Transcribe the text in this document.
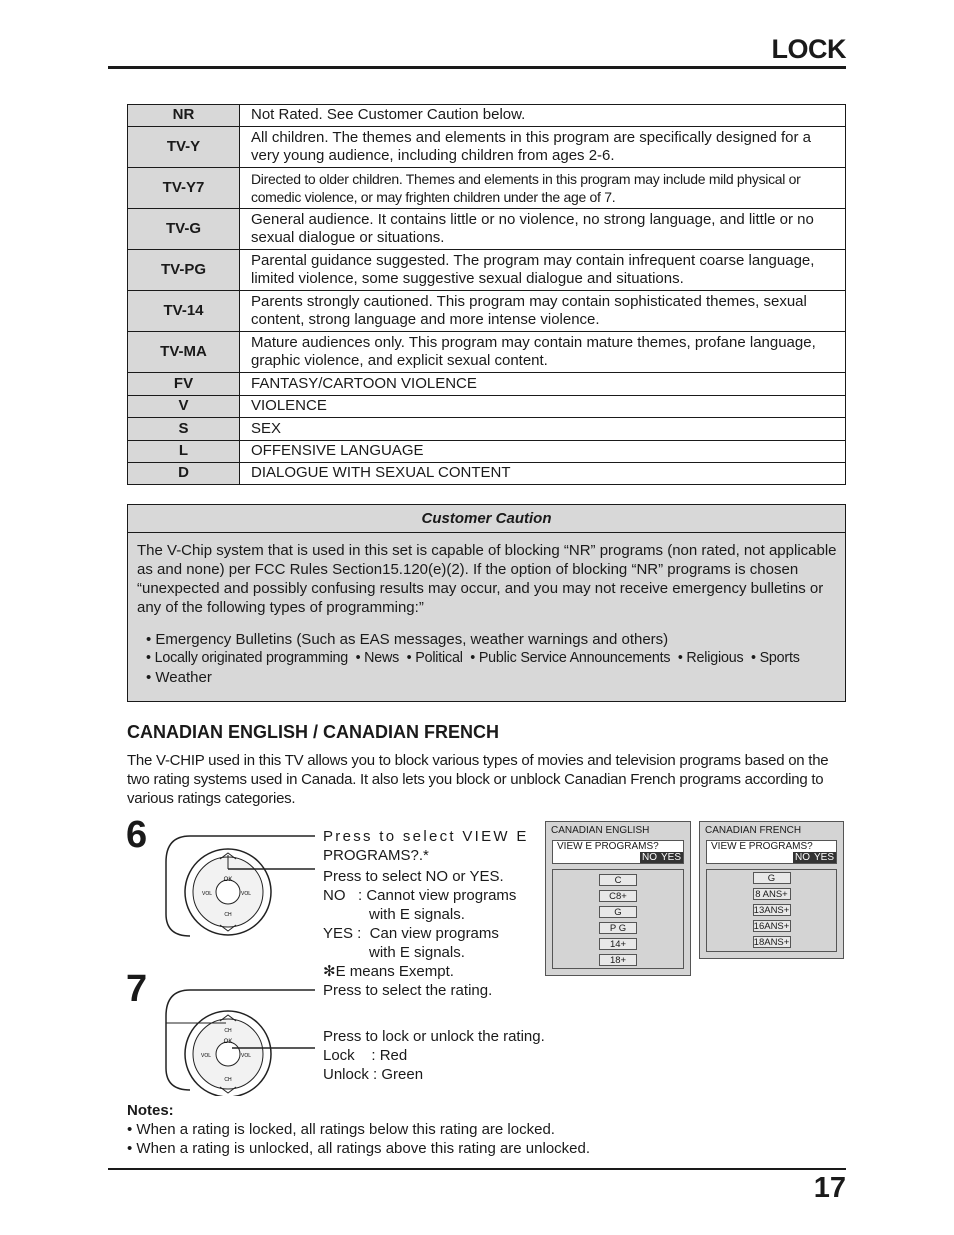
LOCK
NR	Not Rated. See Customer Caution below.
TV-Y	All children. The themes and elements in this program are specifically designed for a very young audience, including children from ages 2-6.
TV-Y7	Directed to older children. Themes and elements in this program may include mild physical or comedic violence, or may frighten children under the age of 7.
TV-G	General audience. It contains little or no violence, no strong language, and little or no sexual dialogue or situations.
TV-PG	Parental guidance suggested. The program may contain infrequent coarse language, limited violence, some suggestive sexual dialogue and situations.
TV-14	Parents strongly cautioned. This program may contain sophisticated themes, sexual content, strong language and more intense violence.
TV-MA	Mature audiences only. This program may contain mature themes, profane language, graphic violence, and explicit sexual content.
FV	FANTASY/CARTOON VIOLENCE
V	VIOLENCE
S	SEX
L	OFFENSIVE LANGUAGE
D	DIALOGUE WITH SEXUAL CONTENT
Customer Caution
The V-Chip system that is used in this set is capable of blocking “NR” programs (non rated, not applicable as and none) per FCC Rules Section15.120(e)(2). If the option of blocking “NR” programs is chosen “unexpected and possibly confusing results may occur, and you may not receive emergency bulletins or any of the following types of programming:”
• Emergency Bulletins (Such as EAS messages, weather warnings and others)
• Locally originated programming  • News  • Political  • Public Service Announcements  • Religious  • Sports
• Weather
CANADIAN ENGLISH / CANADIAN FRENCH
The V-CHIP used in this TV allows you to block various types of movies and television programs based on the two rating systems used in Canada. It also lets you block or unblock Canadian French programs according to various ratings categories.
6
OK
VOL	VOL
CH
Press to select VIEW E
PROGRAMS?.*
Press to select NO or YES.
NO   : Cannot view programs
with E signals.
YES :  Can view programs
with E signals.
✻E means Exempt.
7
CH
OK
VOL	VOL
CH
Press to select the rating.
Press to lock or unlock the rating.
Lock    : Red
Unlock : Green
CANADIAN ENGLISH
VIEW E PROGRAMS?
NO YES
C
C8+
G
P G
14+
18+
CANADIAN FRENCH
VIEW E PROGRAMS?
NO YES
G
8 ANS+
13ANS+
16ANS+
18ANS+
Notes:
• When a rating is locked, all ratings below this rating are locked.
• When a rating is unlocked, all ratings above this rating are unlocked.
17
